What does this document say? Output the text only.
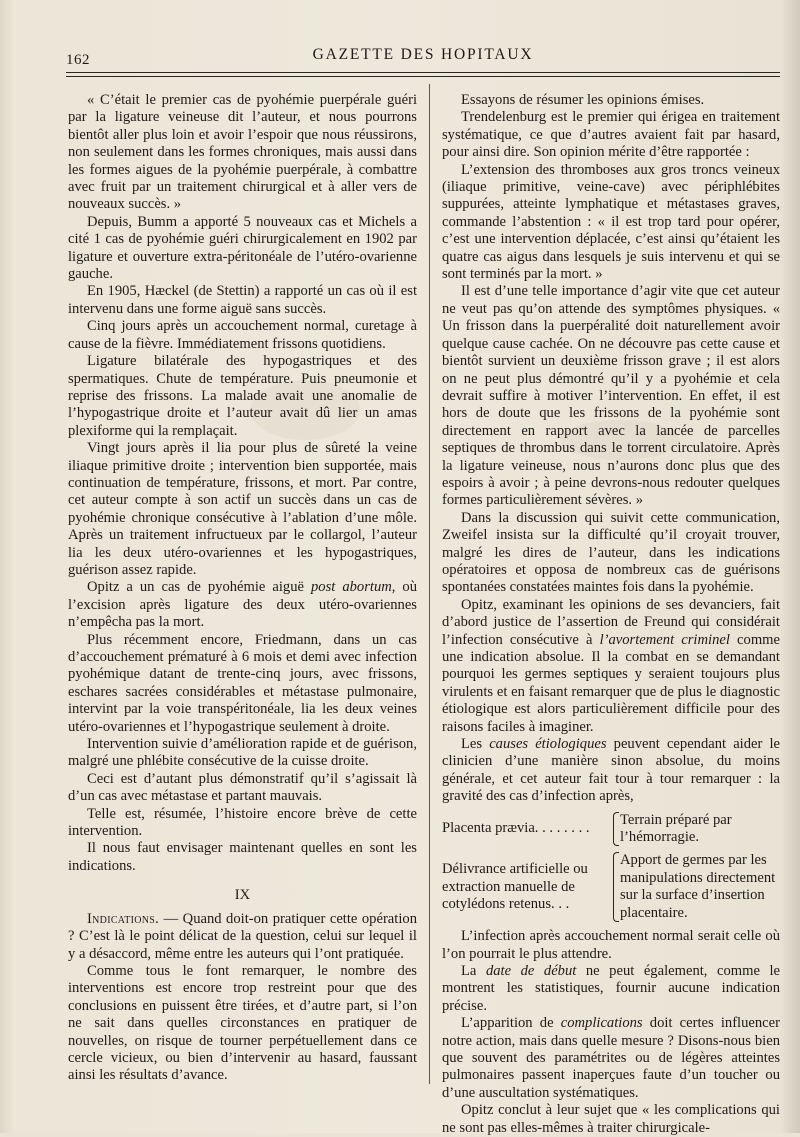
162	GAZETTE DES HOPITAUX

« C’était le premier cas de pyohémie puerpérale guéri par la ligature veineuse dit l’auteur, et nous pourrons bientôt aller plus loin et avoir l’espoir que nous réussirons, non seulement dans les formes chroniques, mais aussi dans les formes aigues de la pyohémie puerpérale, à combattre avec fruit par un traitement chirurgical et à aller vers de nouveaux succès. »

Depuis, Bumm a apporté 5 nouveaux cas et Michels a cité 1 cas de pyohémie guéri chirurgicalement en 1902 par ligature et ouverture extra-péritonéale de l’utéro-ovarienne gauche.

En 1905, Hæckel (de Stettin) a rapporté un cas où il est intervenu dans une forme aiguë sans succès.

Cinq jours après un accouchement normal, curetage à cause de la fièvre. Immédiatement frissons quotidiens.

Ligature bilatérale des hypogastriques et des spermatiques. Chute de température. Puis pneumonie et reprise des frissons. La malade avait une anomalie de l’hypogastrique droite et l’auteur avait dû lier un amas plexiforme qui la remplaçait.

Vingt jours après il lia pour plus de sûreté la veine iliaque primitive droite ; intervention bien supportée, mais continuation de température, frissons, et mort. Par contre, cet auteur compte à son actif un succès dans un cas de pyohémie chronique consécutive à l’ablation d’une môle. Après un traitement infructueux par le collargol, l’auteur lia les deux utéro-ovariennes et les hypogastriques, guérison assez rapide.

Opitz a un cas de pyohémie aiguë post abortum, où l’excision après ligature des deux utéro-ovariennes n’empêcha pas la mort.

Plus récemment encore, Friedmann, dans un cas d’accouchement prématuré à 6 mois et demi avec infection pyohémique datant de trente-cinq jours, avec frissons, eschares sacrées considérables et métastase pulmonaire, intervint par la voie transpéritonéale, lia les deux veines utéro-ovariennes et l’hypogastrique seulement à droite.

Intervention suivie d’amélioration rapide et de guérison, malgré une phlébite consécutive de la cuisse droite.

Ceci est d’autant plus démonstratif qu’il s’agissait là d’un cas avec métastase et partant mauvais.

Telle est, résumée, l’histoire encore brève de cette intervention.

Il nous faut envisager maintenant quelles en sont les indications.

IX

Indications. — Quand doit-on pratiquer cette opération ? C’est là le point délicat de la question, celui sur lequel il y a désaccord, même entre les auteurs qui l’ont pratiquée.

Comme tous le font remarquer, le nombre des interventions est encore trop restreint pour que des conclusions en puissent être tirées, et d’autre part, si l’on ne sait dans quelles circonstances en pratiquer de nouvelles, on risque de tourner perpétuellement dans ce cercle vicieux, ou bien d’intervenir au hasard, faussant ainsi les résultats d’avance.

Essayons de résumer les opinions émises.

Trendelenburg est le premier qui érigea en traitement systématique, ce que d’autres avaient fait par hasard, pour ainsi dire. Son opinion mérite d’être rapportée :

L’extension des thromboses aux gros troncs veineux (iliaque primitive, veine-cave) avec périphlébites suppurées, atteinte lymphatique et métastases graves, commande l’abstention : « il est trop tard pour opérer, c’est une intervention déplacée, c’est ainsi qu’étaient les quatre cas aigus dans lesquels je suis intervenu et qui se sont terminés par la mort. »

Il est d’une telle importance d’agir vite que cet auteur ne veut pas qu’on attende des symptômes physiques. « Un frisson dans la puerpéralité doit naturellement avoir quelque cause cachée. On ne découvre pas cette cause et bientôt survient un deuxième frisson grave ; il est alors on ne peut plus démontré qu’il y a pyohémie et cela devrait suffire à motiver l’intervention. En effet, il est hors de doute que les frissons de la pyohémie sont directement en rapport avec la lancée de parcelles septiques de thrombus dans le torrent circulatoire. Après la ligature veineuse, nous n’aurons donc plus que des espoirs à avoir ; à peine devrons-nous redouter quelques formes particulièrement sévères. »

Dans la discussion qui suivit cette communication, Zweifel insista sur la difficulté qu’il croyait trouver, malgré les dires de l’auteur, dans les indications opératoires et opposa de nombreux cas de guérisons spontanées constatées maintes fois dans la pyohémie.

Opitz, examinant les opinions de ses devanciers, fait d’abord justice de l’assertion de Freund qui considérait l’infection consécutive à l’avortement criminel comme une indication absolue. Il la combat en se demandant pourquoi les germes septiques y seraient toujours plus virulents et en faisant remarquer que de plus le diagnostic étiologique est alors particulièrement difficile pour des raisons faciles à imaginer.

Les causes étiologiques peuvent cependant aider le clinicien d’une manière sinon absolue, du moins générale, et cet auteur fait tour à tour remarquer : la gravité des cas d’infection après,

Placenta prævia. . . . . . . .
Terrain préparé par l’hémorragie.
Délivrance artificielle ou extraction manuelle de cotylédons retenus. . .
Apport de germes par les manipulations directement sur la surface d’insertion placentaire.

L’infection après accouchement normal serait celle où l’on pourrait le plus attendre.

La date de début ne peut également, comme le montrent les statistiques, fournir aucune indication précise.

L’apparition de complications doit certes influencer notre action, mais dans quelle mesure ? Disons-nous bien que souvent des paramétrites ou de légères atteintes pulmonaires passent inaperçues faute d’un toucher ou d’une auscultation systématiques.

Opitz conclut à leur sujet que « les complications qui ne sont pas elles-mêmes à traiter chirurgicale-
